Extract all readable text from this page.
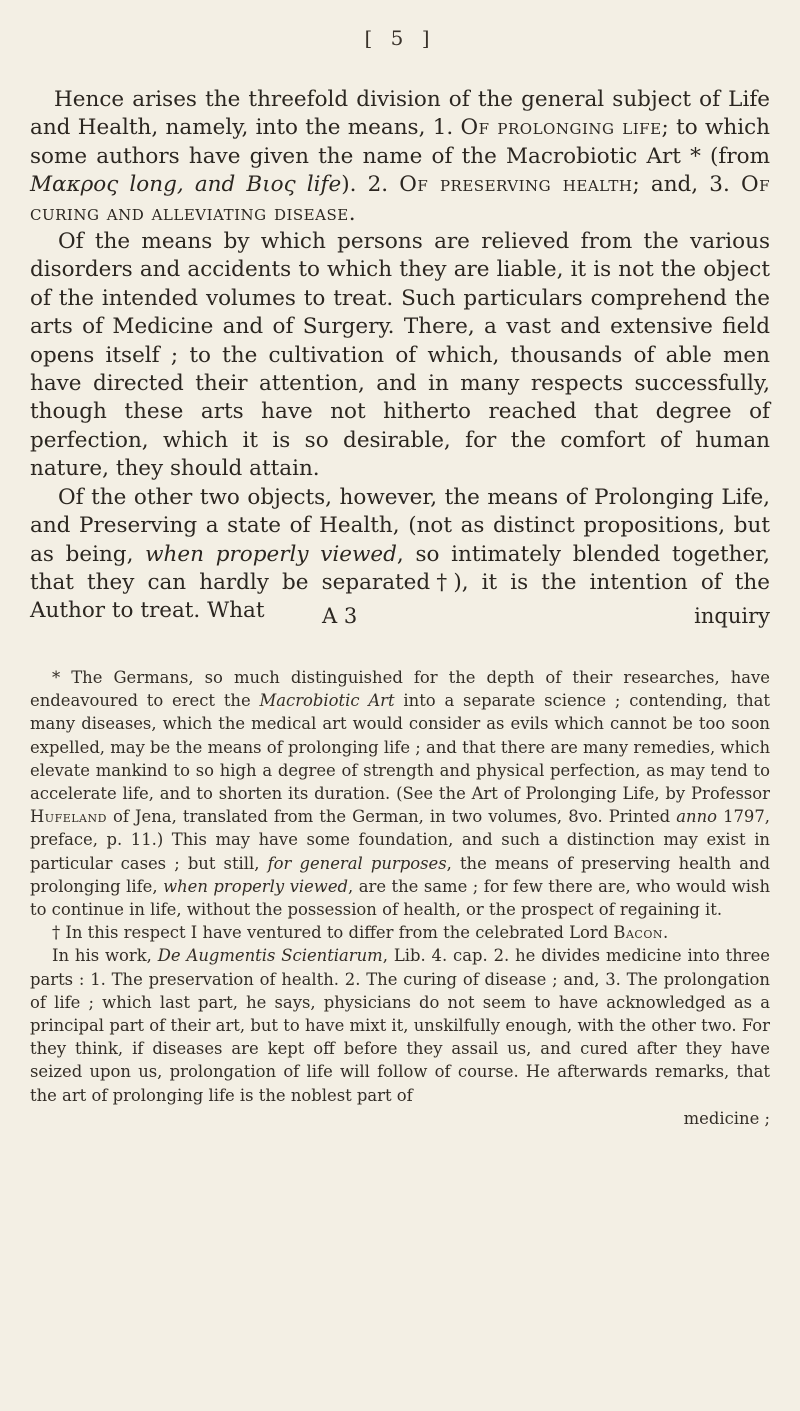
[ 5 ]

Hence arises the threefold division of the general subject of Life and Health, namely, into the means, 1. Of prolonging life; to which some authors have given the name of the Macrobiotic Art * (from Μακρος long, and Βιος life). 2. Of preserving health; and, 3. Of curing and alleviating disease.

Of the means by which persons are relieved from the various disorders and accidents to which they are liable, it is not the object of the intended volumes to treat. Such particulars comprehend the arts of Medicine and of Surgery. There, a vast and extensive field opens itself ; to the cultivation of which, thousands of able men have directed their attention, and in many respects successfully, though these arts have not hitherto reached that degree of perfection, which it is so desirable, for the comfort of human nature, they should attain.

Of the other two objects, however, the means of Prolonging Life, and Preserving a state of Health, (not as distinct propositions, but as being, when properly viewed, so intimately blended together, that they can hardly be separated†), it is the intention of the Author to treat. What	A 3	inquiry

* The Germans, so much distinguished for the depth of their researches, have endeavoured to erect the Macrobiotic Art into a separate science ; contending, that many diseases, which the medical art would consider as evils which cannot be too soon expelled, may be the means of prolonging life ; and that there are many remedies, which elevate mankind to so high a degree of strength and physical perfection, as may tend to accelerate life, and to shorten its duration. (See the Art of Prolonging Life, by Professor Hufeland of Jena, translated from the German, in two volumes, 8vo. Printed anno 1797, preface, p. 11.) This may have some foundation, and such a distinction may exist in particular cases ; but still, for general purposes, the means of preserving health and prolonging life, when properly viewed, are the same ; for few there are, who would wish to continue in life, without the possession of health, or the prospect of regaining it.

† In this respect I have ventured to differ from the celebrated Lord Bacon.

In his work, De Augmentis Scientiarum, Lib. 4. cap. 2. he divides medicine into three parts : 1. The preservation of health. 2. The curing of disease ; and, 3. The prolongation of life ; which last part, he says, physicians do not seem to have acknowledged as a principal part of their art, but to have mixt it, unskilfully enough, with the other two. For they think, if diseases are kept off before they assail us, and cured after they have seized upon us, prolongation of life will follow of course. He afterwards remarks, that the art of prolonging life is the noblest part of

medicine ;
